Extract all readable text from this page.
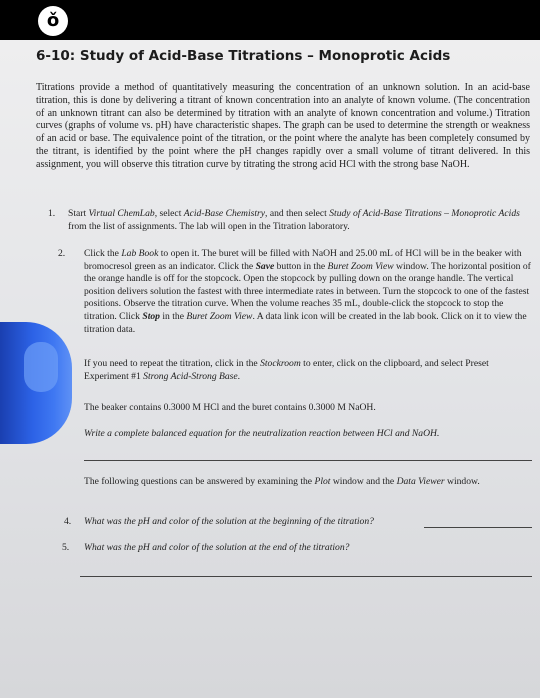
ǒ
6-10: Study of Acid-Base Titrations – Monoprotic Acids

Titrations provide a method of quantitatively measuring the concentration of an unknown solution. In an acid-base titration, this is done by delivering a titrant of known concentration into an analyte of known volume. (The concentration of an unknown titrant can also be determined by titration with an analyte of known concentration and volume.) Titration curves (graphs of volume vs. pH) have characteristic shapes. The graph can be used to determine the strength or weakness of an acid or base. The equivalence point of the titration, or the point where the analyte has been completely consumed by the titrant, is identified by the point where the pH changes rapidly over a small volume of titrant delivered. In this assignment, you will observe this titration curve by titrating the strong acid HCl with the strong base NaOH.

1. Start Virtual ChemLab, select Acid-Base Chemistry, and then select Study of Acid-Base Titrations – Monoprotic Acids from the list of assignments. The lab will open in the Titration laboratory.

2. Click the Lab Book to open it. The buret will be filled with NaOH and 25.00 mL of HCl will be in the beaker with bromocresol green as an indicator. Click the Save button in the Buret Zoom View window. The horizontal position of the orange handle is off for the stopcock. Open the stopcock by pulling down on the orange handle. The vertical position delivers solution the fastest with three intermediate rates in between. Turn the stopcock to one of the fastest positions. Observe the titration curve. When the volume reaches 35 mL, double-click the stopcock to stop the titration. Click Stop in the Buret Zoom View. A data link icon will be created in the lab book. Click on it to view the titration data.

If you need to repeat the titration, click in the Stockroom to enter, click on the clipboard, and select Preset Experiment #1 Strong Acid-Strong Base.

The beaker contains 0.3000 M HCl and the buret contains 0.3000 M NaOH.

Write a complete balanced equation for the neutralization reaction between HCl and NaOH.

The following questions can be answered by examining the Plot window and the Data Viewer window.

4. What was the pH and color of the solution at the beginning of the titration?

5. What was the pH and color of the solution at the end of the titration?
